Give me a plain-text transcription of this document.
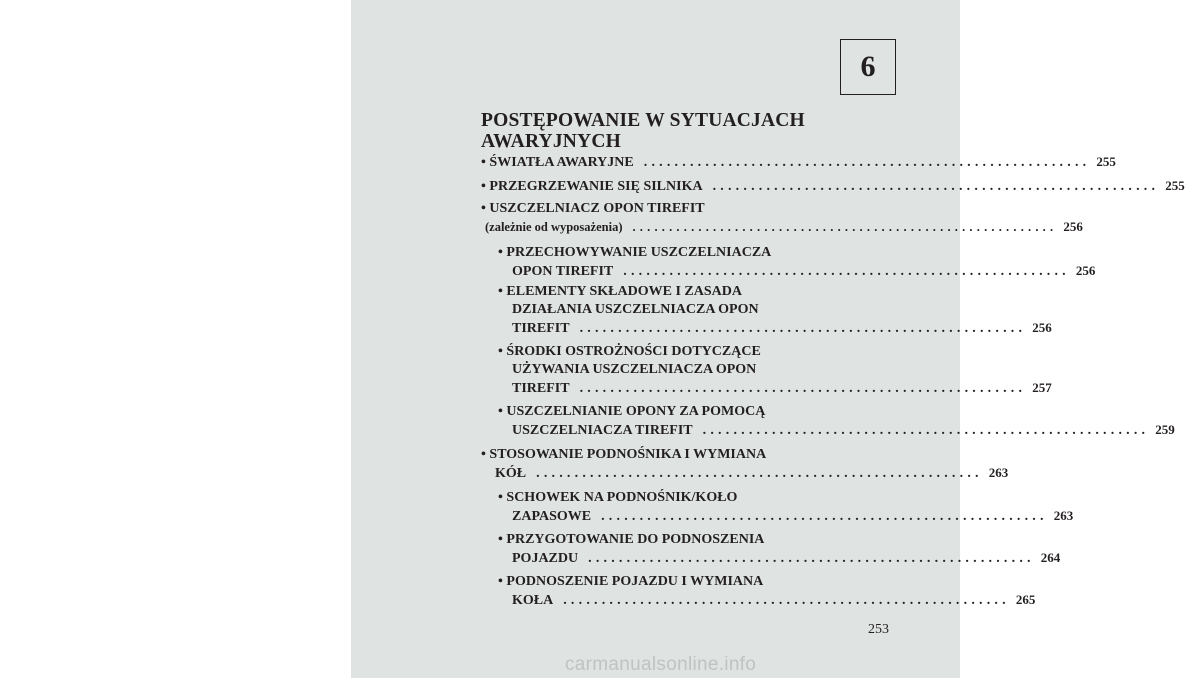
6
POSTĘPOWANIE W SYTUACJACH
AWARYJNYCH
• ŚWIATŁA AWARYJNE .......................................................... 255
• PRZEGRZEWANIE SIĘ SILNIKA .......................................................... 255
• USZCZELNIACZ OPON TIREFIT
(zależnie od wyposażenia) .......................................................... 256
• PRZECHOWYWANIE USZCZELNIACZA
OPON TIREFIT .......................................................... 256
• ELEMENTY SKŁADOWE I ZASADA
DZIAŁANIA USZCZELNIACZA OPON
TIREFIT .......................................................... 256
• ŚRODKI OSTROŻNOŚCI DOTYCZĄCE
UŻYWANIA USZCZELNIACZA OPON
TIREFIT .......................................................... 257
• USZCZELNIANIE OPONY ZA POMOCĄ
USZCZELNIACZA TIREFIT .......................................................... 259
• STOSOWANIE PODNOŚNIKA I WYMIANA
KÓŁ .......................................................... 263
• SCHOWEK NA PODNOŚNIK/KOŁO
ZAPASOWE .......................................................... 263
• PRZYGOTOWANIE DO PODNOSZENIA
POJAZDU .......................................................... 264
• PODNOSZENIE POJAZDU I WYMIANA
KOŁA .......................................................... 265
253
carmanualsonline.info
